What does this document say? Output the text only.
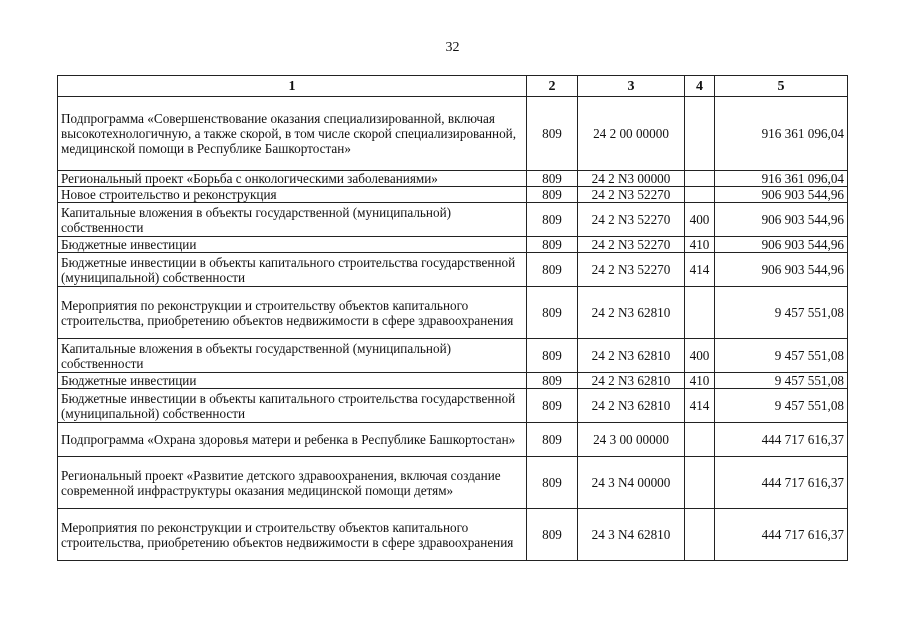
32
1	2	3	4	5
Подпрограмма «Совершенствование оказания специализированной, включая высокотехнологичную, а также скорой, в том числе скорой специализированной, медицинской помощи в Республике Башкортостан»	809	24 2 00 00000		916 361 096,04
Региональный проект «Борьба с онкологическими заболеваниями»	809	24 2 N3 00000		916 361 096,04
Новое строительство и реконструкция	809	24 2 N3 52270		906 903 544,96
Капитальные вложения в объекты государственной (муниципальной) собственности	809	24 2 N3 52270	400	906 903 544,96
Бюджетные инвестиции	809	24 2 N3 52270	410	906 903 544,96
Бюджетные инвестиции в объекты капитального строительства государственной (муниципальной) собственности	809	24 2 N3 52270	414	906 903 544,96
Мероприятия по реконструкции и строительству объектов капитального строительства, приобретению объектов недвижимости в сфере здравоохранения	809	24 2 N3 62810		9 457 551,08
Капитальные вложения в объекты государственной (муниципальной) собственности	809	24 2 N3 62810	400	9 457 551,08
Бюджетные инвестиции	809	24 2 N3 62810	410	9 457 551,08
Бюджетные инвестиции в объекты капитального строительства государственной (муниципальной) собственности	809	24 2 N3 62810	414	9 457 551,08
Подпрограмма «Охрана здоровья матери и ребенка в Республике Башкортостан»	809	24 3 00 00000		444 717 616,37
Региональный проект «Развитие детского здравоохранения, включая создание современной инфраструктуры оказания медицинской помощи детям»	809	24 3 N4 00000		444 717 616,37
Мероприятия по реконструкции и строительству объектов капитального строительства, приобретению объектов недвижимости в сфере здравоохранения	809	24 3 N4 62810		444 717 616,37
